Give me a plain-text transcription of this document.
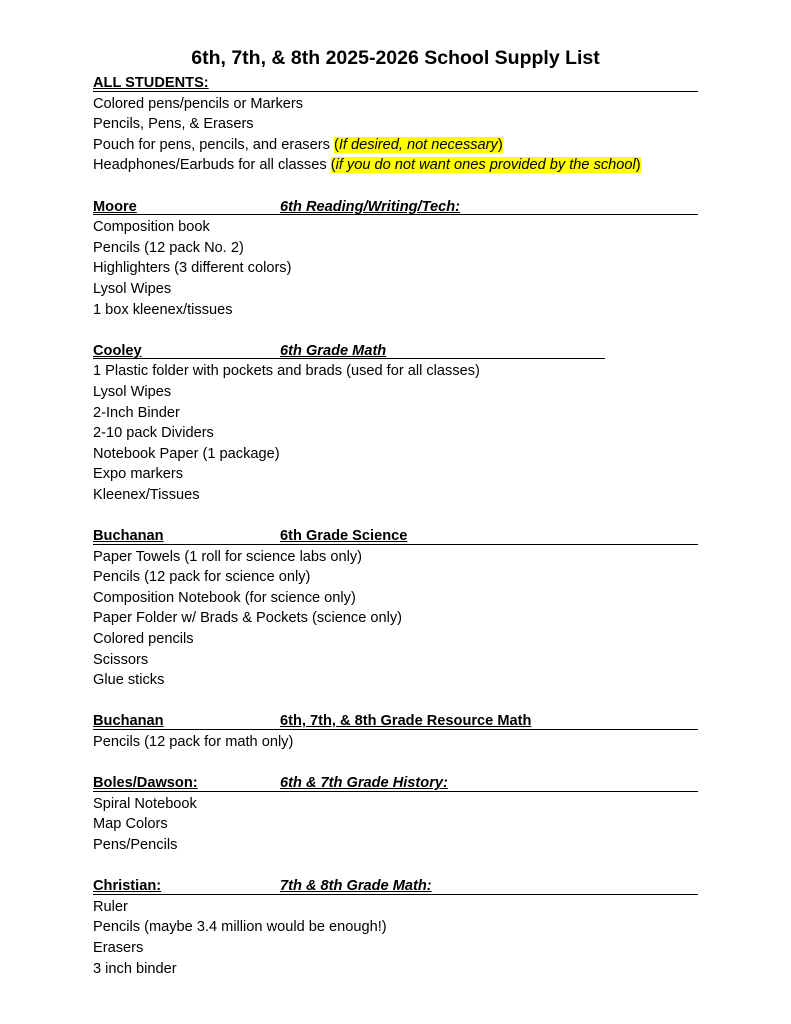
6th, 7th, & 8th 2025-2026 School Supply List
ALL STUDENTS:
Colored pens/pencils or Markers
Pencils, Pens, & Erasers
Pouch for pens, pencils, and erasers (If desired, not necessary)
Headphones/Earbuds for all classes (if you do not want ones provided by the school)
Moore	6th Reading/Writing/Tech:
Composition book
Pencils (12 pack No. 2)
Highlighters (3 different colors)
Lysol Wipes
1 box kleenex/tissues
Cooley	6th Grade Math
1 Plastic folder with pockets and brads (used for all classes)
Lysol Wipes
2-Inch Binder
2-10 pack Dividers
Notebook Paper (1 package)
Expo markers
Kleenex/Tissues
Buchanan	6th Grade Science
Paper Towels (1 roll for science labs only)
Pencils (12 pack for science only)
Composition Notebook (for science only)
Paper Folder w/ Brads & Pockets (science only)
Colored pencils
Scissors
Glue sticks
Buchanan	6th, 7th, & 8th Grade Resource Math
Pencils (12 pack for math only)
Boles/Dawson:	6th & 7th Grade History:
Spiral Notebook
Map Colors
Pens/Pencils
Christian:	7th & 8th Grade Math:
Ruler
Pencils (maybe 3.4 million would be enough!)
Erasers
3 inch binder
